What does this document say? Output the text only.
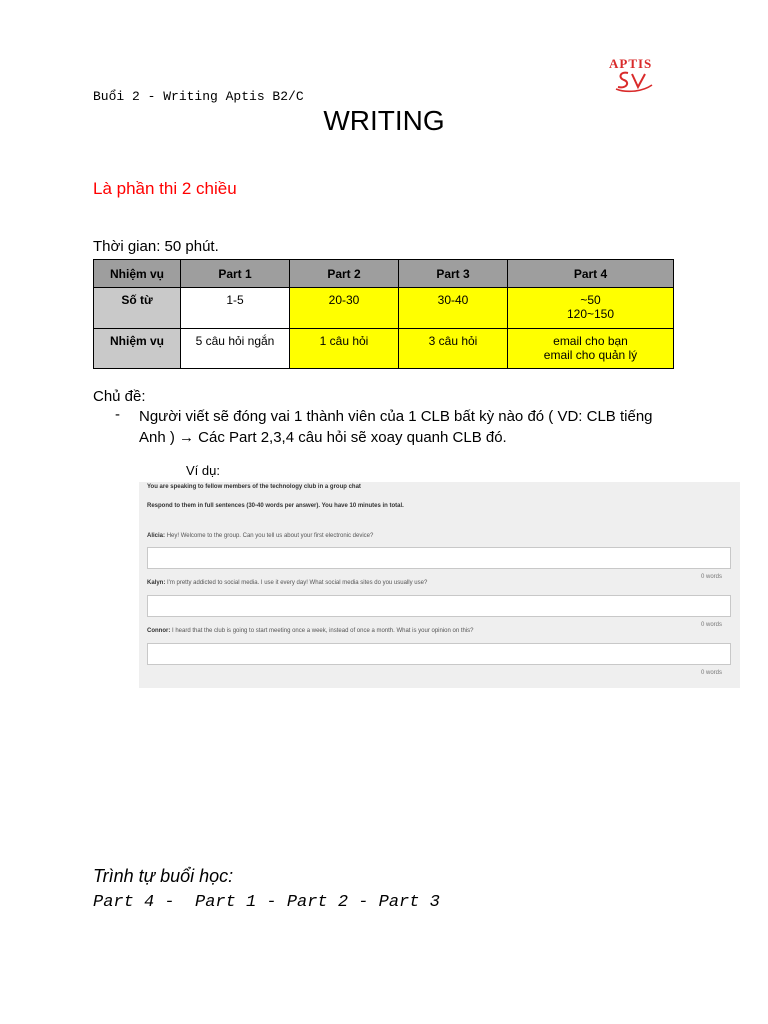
APTIS
Buổi 2 - Writing Aptis B2/C
WRITING
Là phần thi 2 chiều
Thời gian: 50 phút.
Nhiệm vụ	Part 1	Part 2	Part 3	Part 4
Số từ	1-5	20-30	30-40	~50
120~150
Nhiệm vụ	5 câu hỏi ngắn	1 câu hỏi	3 câu hỏi	email cho bạn
email cho quản lý
Chủ đề:
- Người viết sẽ đóng vai 1 thành viên của 1 CLB bất kỳ nào đó ( VD: CLB tiếng Anh ) → Các Part 2,3,4 câu hỏi sẽ xoay quanh CLB đó.
Ví dụ:
You are speaking to fellow members of the technology club in a group chat
Respond to them in full sentences (30-40 words per answer). You have 10 minutes in total.
Alicia: Hey! Welcome to the group. Can you tell us about your first electronic device?
0 words
Kalyn: I'm pretty addicted to social media. I use it every day! What social media sites do you usually use?
0 words
Connor: I heard that the club is going to start meeting once a week, instead of once a month. What is your opinion on this?
0 words
Trình tự buổi học:
Part 4 -  Part 1 - Part 2 - Part 3
